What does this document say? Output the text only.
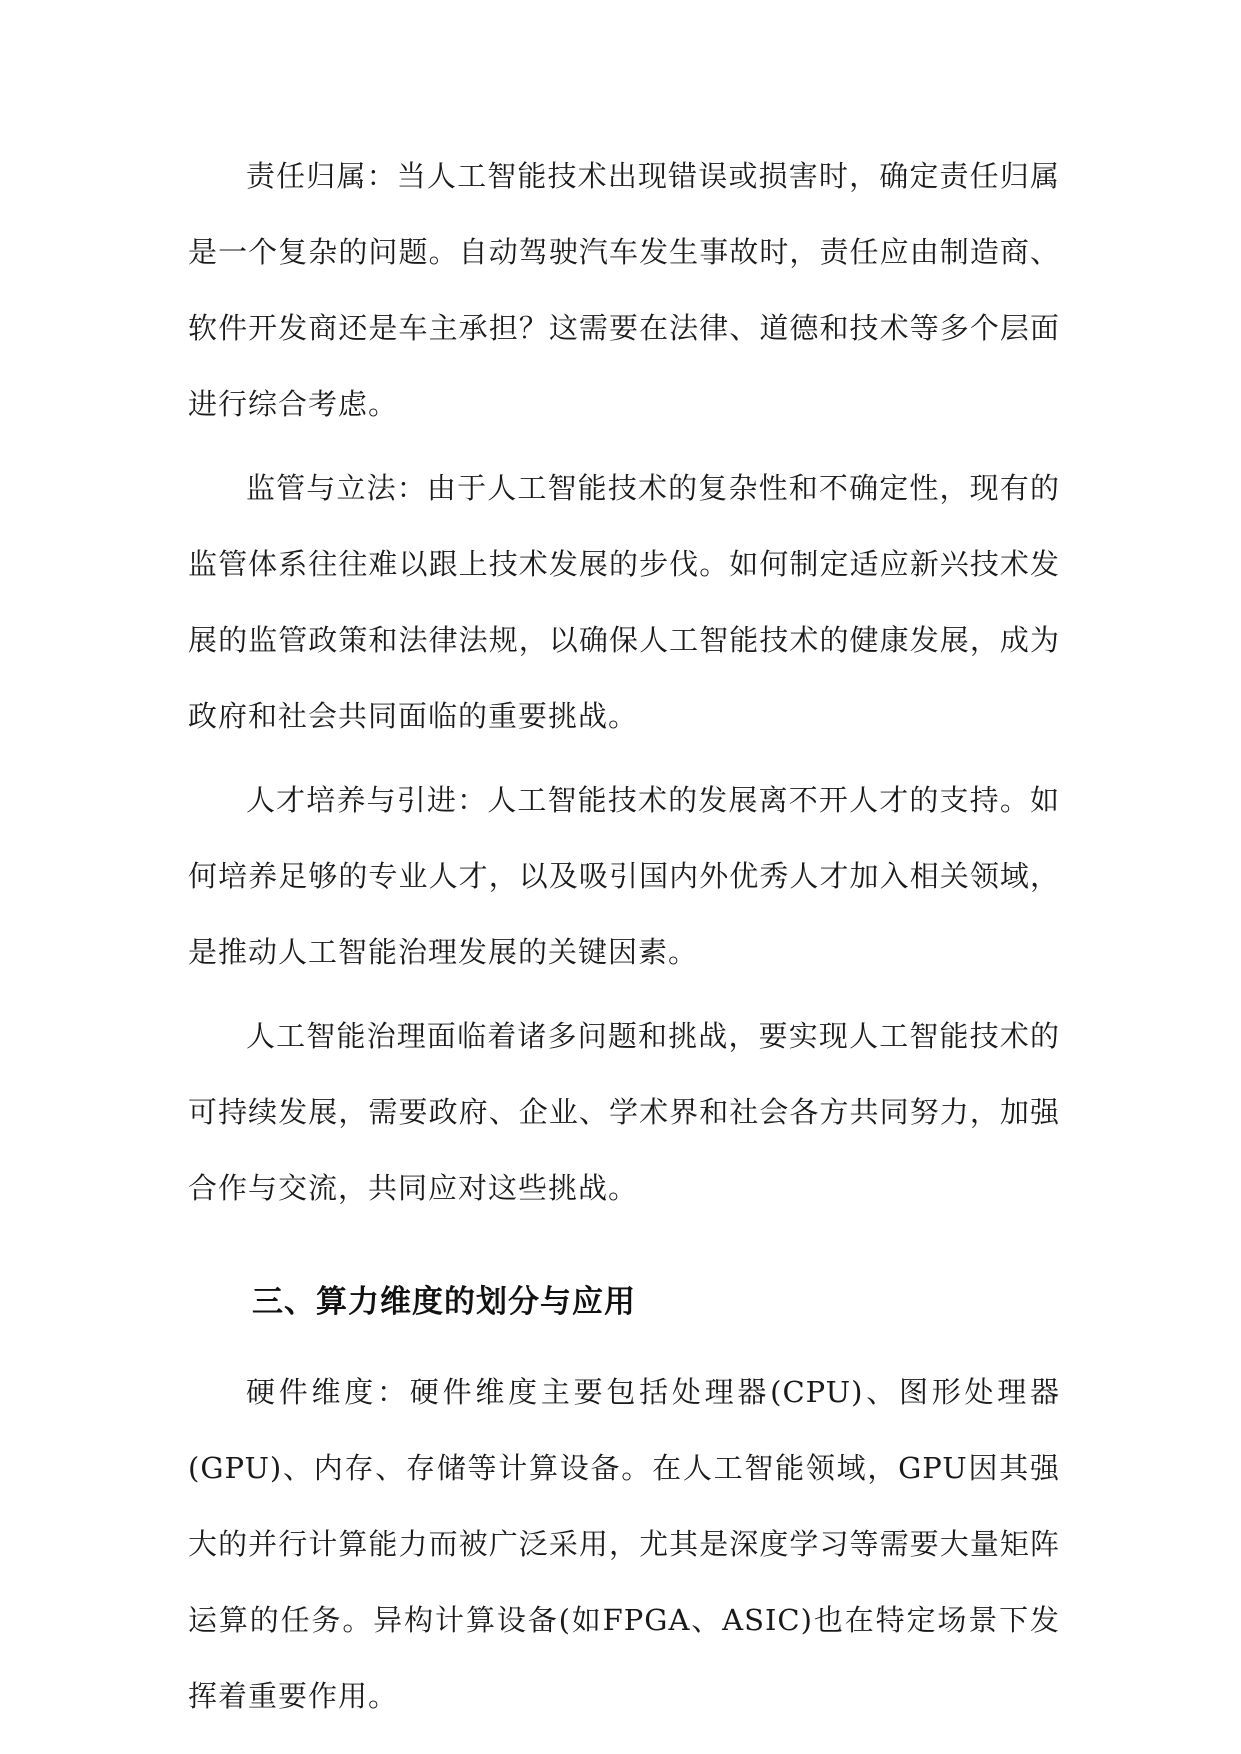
责任归属：当人工智能技术出现错误或损害时，确定责任归属是一个复杂的问题。自动驾驶汽车发生事故时，责任应由制造商、软件开发商还是车主承担？这需要在法律、道德和技术等多个层面进行综合考虑。

监管与立法：由于人工智能技术的复杂性和不确定性，现有的监管体系往往难以跟上技术发展的步伐。如何制定适应新兴技术发展的监管政策和法律法规，以确保人工智能技术的健康发展，成为政府和社会共同面临的重要挑战。

人才培养与引进：人工智能技术的发展离不开人才的支持。如何培养足够的专业人才，以及吸引国内外优秀人才加入相关领域，是推动人工智能治理发展的关键因素。

人工智能治理面临着诸多问题和挑战，要实现人工智能技术的可持续发展，需要政府、企业、学术界和社会各方共同努力，加强合作与交流，共同应对这些挑战。

三、算力维度的划分与应用

硬件维度：硬件维度主要包括处理器(CPU)、图形处理器(GPU)、内存、存储等计算设备。在人工智能领域，GPU因其强大的并行计算能力而被广泛采用，尤其是深度学习等需要大量矩阵运算的任务。异构计算设备(如FPGA、ASIC)也在特定场景下发挥着重要作用。
